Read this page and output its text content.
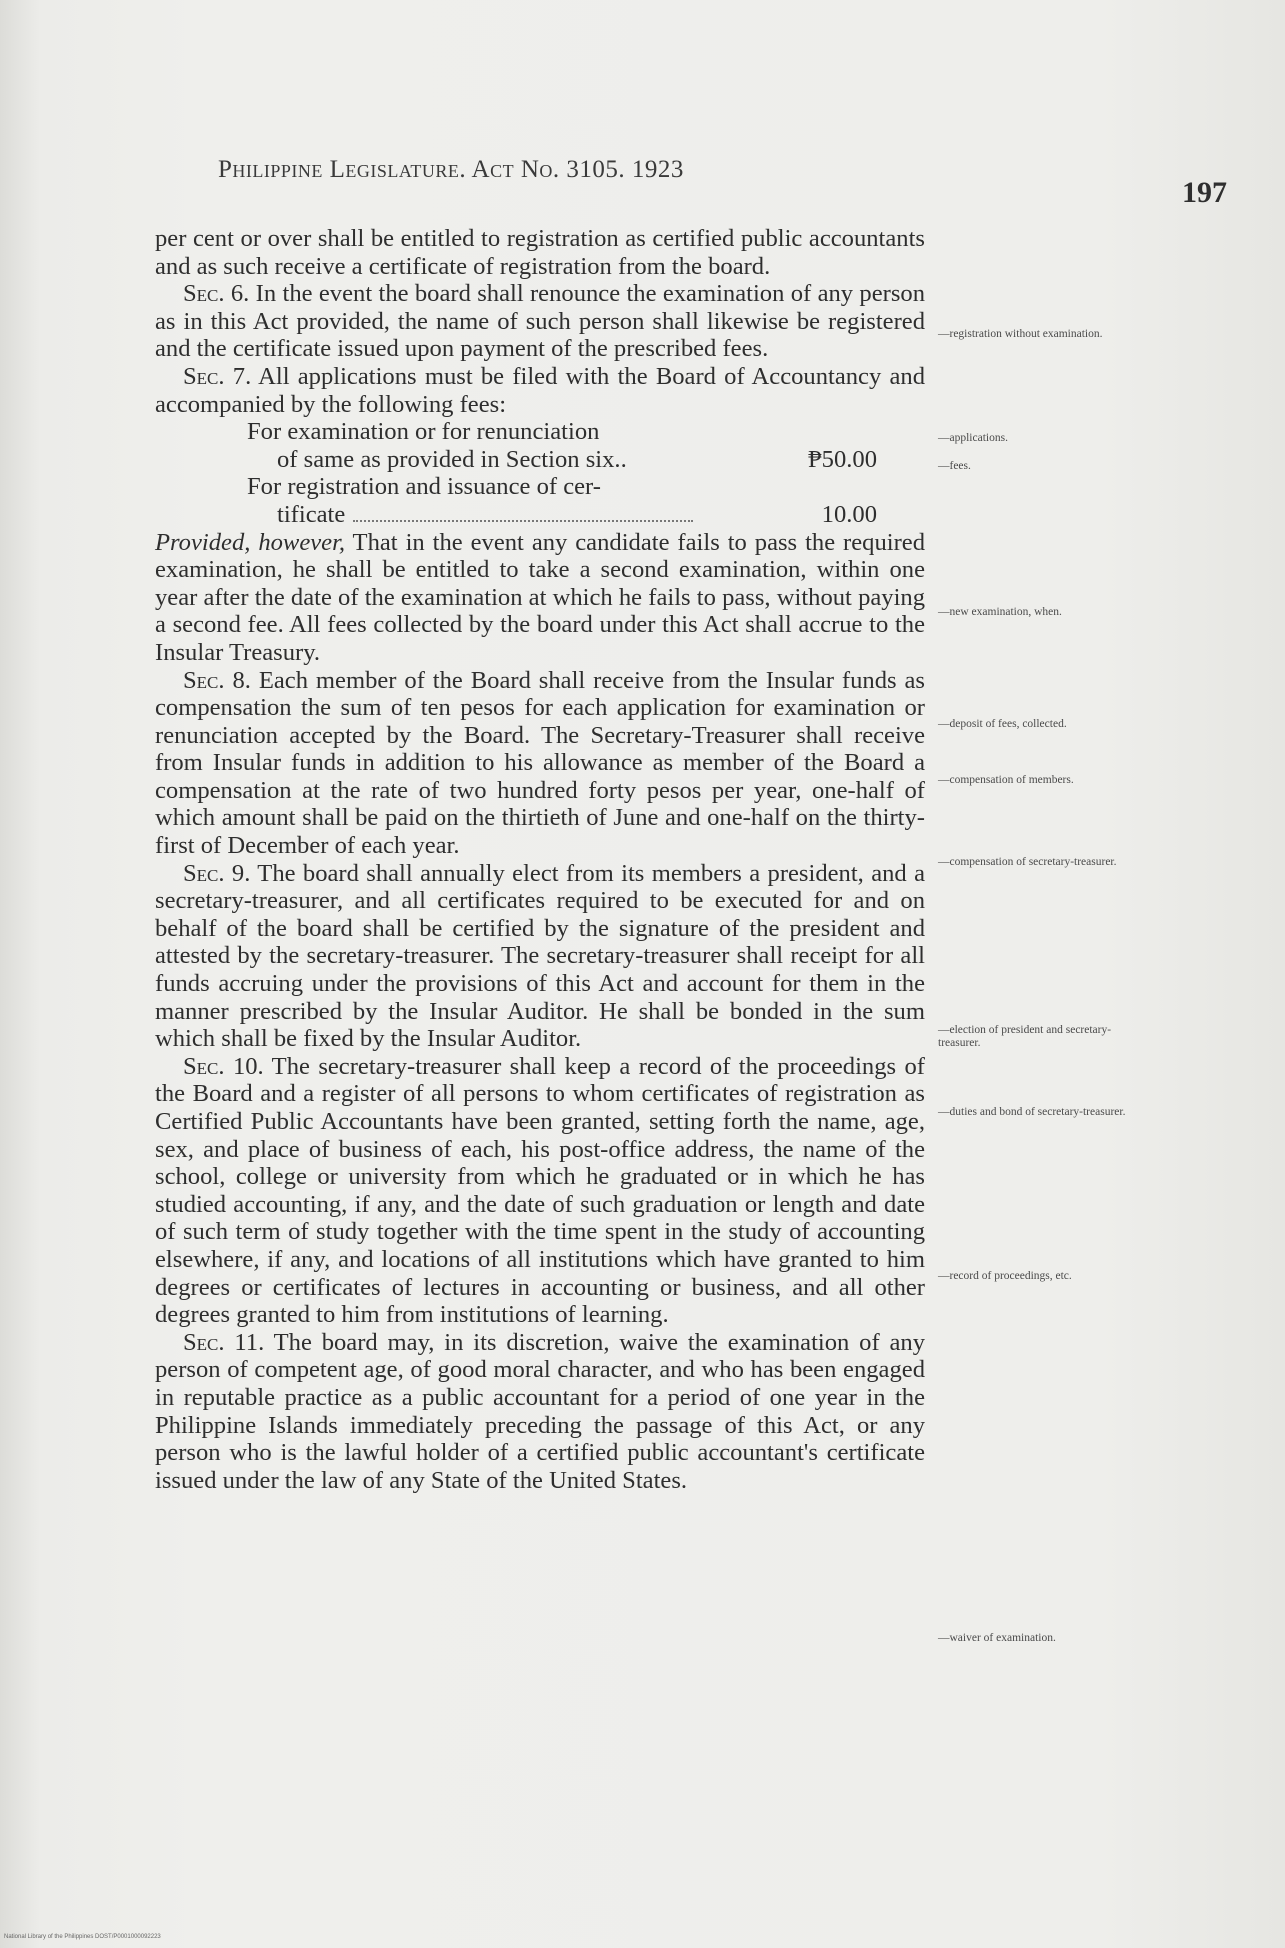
Philippine Legislature. Act No. 3105. 1923
197

per cent or over shall be entitled to registration as certified public accountants and as such receive a certificate of registration from the board.

Sec. 6. In the event the board shall renounce the examination of any person as in this Act provided, the name of such person shall likewise be registered and the certificate issued upon payment of the prescribed fees.

Sec. 7. All applications must be filed with the Board of Accountancy and accompanied by the following fees:

For examination or for renunciation
of same as provided in Section six..	₱50.00
For registration and issuance of cer-
tificate	10.00

Provided, however, That in the event any candidate fails to pass the required examination, he shall be entitled to take a second examination, within one year after the date of the examination at which he fails to pass, without paying a second fee. All fees collected by the board under this Act shall accrue to the Insular Treasury.

Sec. 8. Each member of the Board shall receive from the Insular funds as compensation the sum of ten pesos for each application for examination or renunciation accepted by the Board. The Secretary-Treasurer shall receive from Insular funds in addition to his allowance as member of the Board a compensation at the rate of two hundred forty pesos per year, one-half of which amount shall be paid on the thirtieth of June and one-half on the thirty-first of December of each year.

Sec. 9. The board shall annually elect from its members a president, and a secretary-treasurer, and all certificates required to be executed for and on behalf of the board shall be certified by the signature of the president and attested by the secretary-treasurer. The secretary-treasurer shall receipt for all funds accruing under the provisions of this Act and account for them in the manner prescribed by the Insular Auditor. He shall be bonded in the sum which shall be fixed by the Insular Auditor.

Sec. 10. The secretary-treasurer shall keep a record of the proceedings of the Board and a register of all persons to whom certificates of registration as Certified Public Accountants have been granted, setting forth the name, age, sex, and place of business of each, his post-office address, the name of the school, college or university from which he graduated or in which he has studied accounting, if any, and the date of such graduation or length and date of such term of study together with the time spent in the study of accounting elsewhere, if any, and locations of all institutions which have granted to him degrees or certificates of lectures in accounting or business, and all other degrees granted to him from institutions of learning.

Sec. 11. The board may, in its discretion, waive the examination of any person of competent age, of good moral character, and who has been engaged in reputable practice as a public accountant for a period of one year in the Philippine Islands immediately preceding the passage of this Act, or any person who is the lawful holder of a certified public accountant's certificate issued under the law of any State of the United States.

—registration without examination.
—applications.
—fees.
—new examination, when.
—deposit of fees, collected.
—compensation of members.
—compensation of secretary-treasurer.
—election of president and secretary-treasurer.
—duties and bond of secretary-treasurer.
—record of proceedings, etc.
—waiver of examination.
National Library of the Philippines DOST/P0001000092223
